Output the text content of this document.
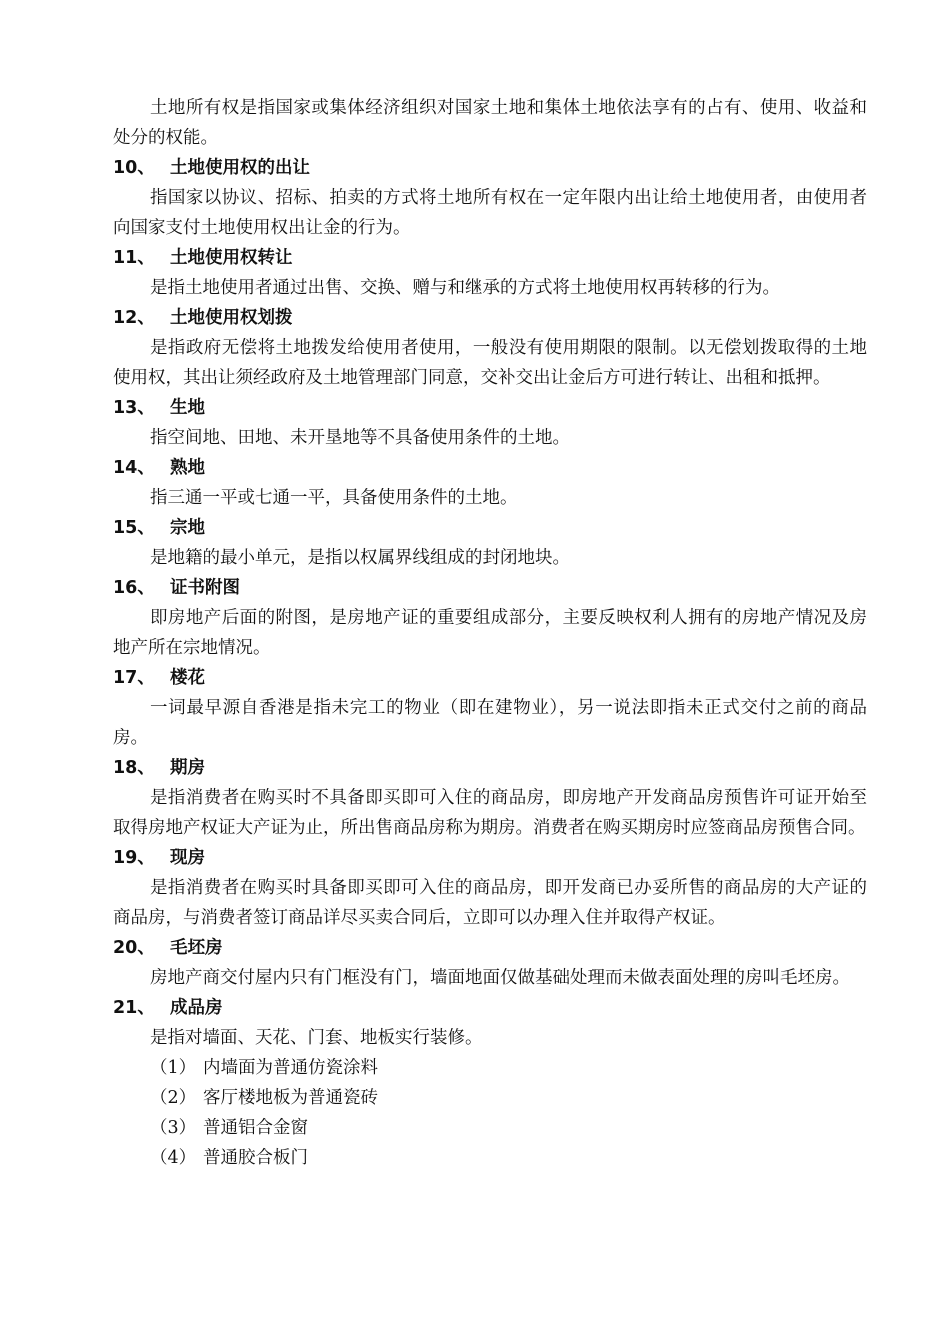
土地所有权是指国家或集体经济组织对国家土地和集体土地依法享有的占有、使用、收益和处分的权能。

10、 土地使用权的出让

指国家以协议、招标、拍卖的方式将土地所有权在一定年限内出让给土地使用者，由使用者向国家支付土地使用权出让金的行为。

11、 土地使用权转让

是指土地使用者通过出售、交换、赠与和继承的方式将土地使用权再转移的行为。

12、 土地使用权划拨

是指政府无偿将土地拨发给使用者使用，一般没有使用期限的限制。以无偿划拨取得的土地使用权，其出让须经政府及土地管理部门同意，交补交出让金后方可进行转让、出租和抵押。

13、 生地

指空间地、田地、未开垦地等不具备使用条件的土地。

14、 熟地

指三通一平或七通一平，具备使用条件的土地。

15、 宗地

是地籍的最小单元，是指以权属界线组成的封闭地块。

16、 证书附图

即房地产后面的附图，是房地产证的重要组成部分，主要反映权利人拥有的房地产情况及房地产所在宗地情况。

17、 楼花

一词最早源自香港是指未完工的物业（即在建物业），另一说法即指未正式交付之前的商品房。

18、 期房

是指消费者在购买时不具备即买即可入住的商品房，即房地产开发商品房预售许可证开始至取得房地产权证大产证为止，所出售商品房称为期房。消费者在购买期房时应签商品房预售合同。

19、 现房

是指消费者在购买时具备即买即可入住的商品房，即开发商已办妥所售的商品房的大产证的商品房，与消费者签订商品详尽买卖合同后，立即可以办理入住并取得产权证。

20、 毛坯房

房地产商交付屋内只有门框没有门，墙面地面仅做基础处理而未做表面处理的房叫毛坯房。

21、 成品房

是指对墙面、天花、门套、地板实行装修。

（1） 内墙面为普通仿瓷涂料
（2） 客厅楼地板为普通瓷砖
（3） 普通铝合金窗
（4） 普通胶合板门
